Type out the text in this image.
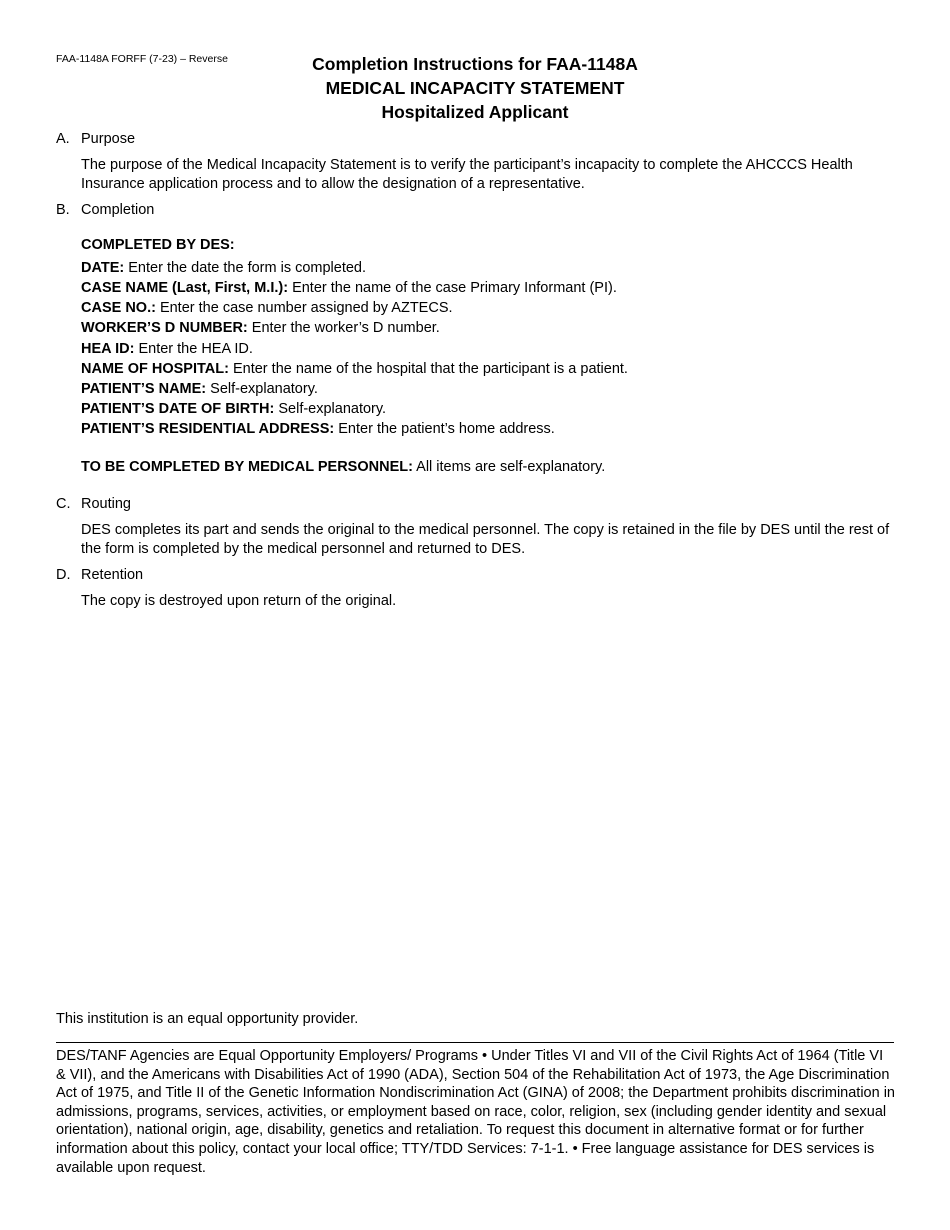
FAA-1148A FORFF (7-23) – Reverse	Completion Instructions for FAA-1148A
MEDICAL INCAPACITY STATEMENT
Hospitalized Applicant
A. Purpose
The purpose of the Medical Incapacity Statement is to verify the participant’s incapacity to complete the AHCCCS Health Insurance application process and to allow the designation of a representative.
B. Completion
COMPLETED BY DES:
DATE: Enter the date the form is completed.
CASE NAME (Last, First, M.I.): Enter the name of the case Primary Informant (PI).
CASE NO.: Enter the case number assigned by AZTECS.
WORKER’S D NUMBER: Enter the worker’s D number.
HEA ID: Enter the HEA ID.
NAME OF HOSPITAL: Enter the name of the hospital that the participant is a patient.
PATIENT’S NAME: Self-explanatory.
PATIENT’S DATE OF BIRTH: Self-explanatory.
PATIENT’S RESIDENTIAL ADDRESS: Enter the patient’s home address.
TO BE COMPLETED BY MEDICAL PERSONNEL: All items are self-explanatory.
C. Routing
DES completes its part and sends the original to the medical personnel. The copy is retained in the file by DES until the rest of the form is completed by the medical personnel and returned to DES.
D. Retention
The copy is destroyed upon return of the original.
This institution is an equal opportunity provider.
DES/TANF Agencies are Equal Opportunity Employers/ Programs • Under Titles VI and VII of the Civil Rights Act of 1964 (Title VI & VII), and the Americans with Disabilities Act of 1990 (ADA), Section 504 of the Rehabilitation Act of 1973, the Age Discrimination Act of 1975, and Title II of the Genetic Information Nondiscrimination Act (GINA) of 2008; the Department prohibits discrimination in admissions, programs, services, activities, or employment based on race, color, religion, sex (including gender identity and sexual orientation), national origin, age, disability, genetics and retaliation. To request this document in alternative format or for further information about this policy, contact your local office; TTY/TDD Services: 7-1-1. • Free language assistance for DES services is available upon request.
